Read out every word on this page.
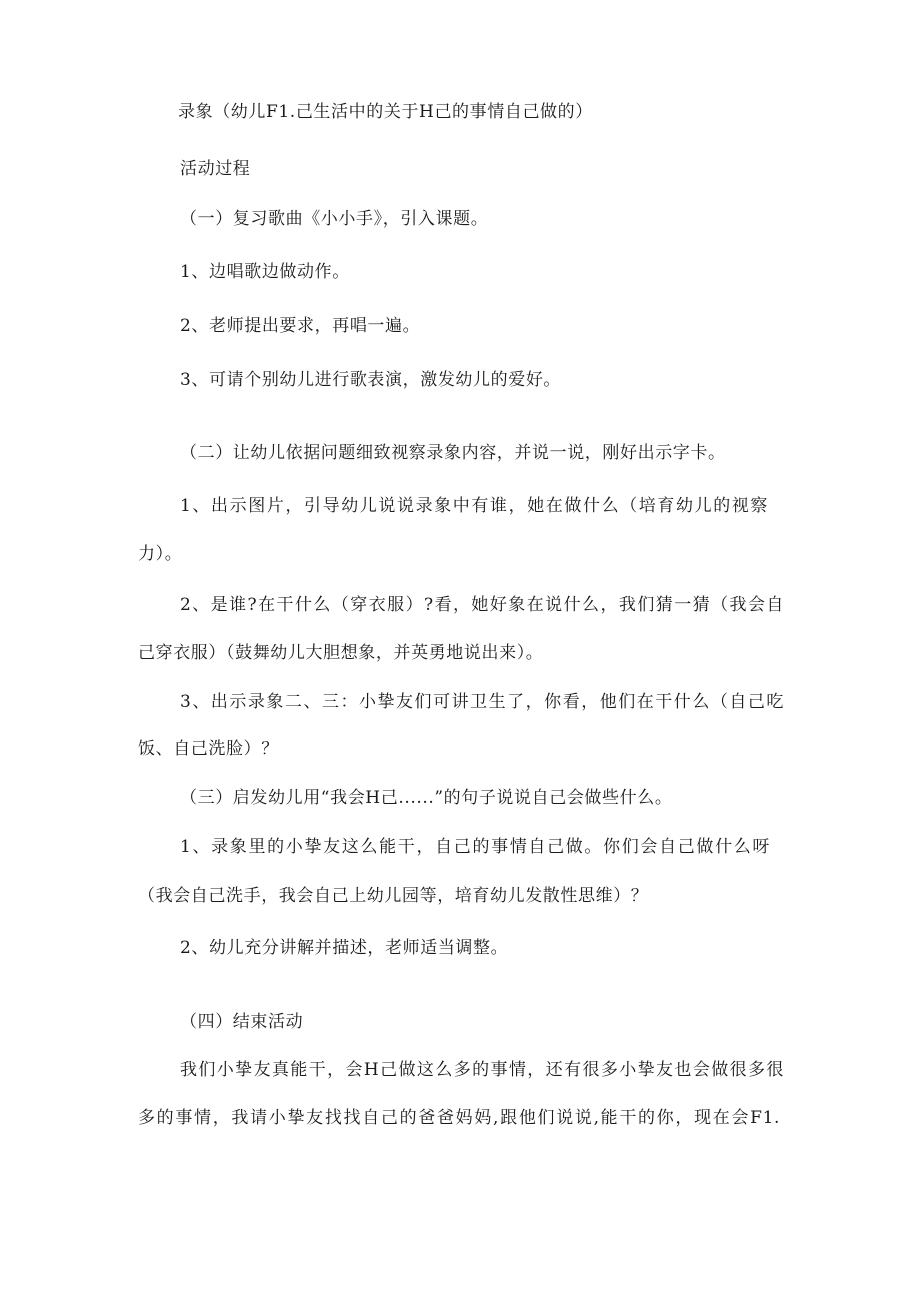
录象（幼儿F1.己生活中的关于H己的事情自己做的）
活动过程
（一）复习歌曲《小小手》，引入课题。
1、边唱歌边做动作。
2、老师提出要求，再唱一遍。
3、可请个别幼儿进行歌表演，激发幼儿的爱好。
（二）让幼儿依据问题细致视察录象内容，并说一说，刚好出示字卡。
1、出示图片，引导幼儿说说录象中有谁，她在做什么（培育幼儿的视察
力）。
2、是谁?在干什么（穿衣服）?看，她好象在说什么，我们猜一猜（我会自
己穿衣服）（鼓舞幼儿大胆想象，并英勇地说出来）。
3、出示录象二、三：小挚友们可讲卫生了，你看，他们在干什么（自己吃
饭、自己洗脸）？
（三）启发幼儿用“我会H己......”的句子说说自己会做些什么。
1、录象里的小挚友这么能干，自己的事情自己做。你们会自己做什么呀
（我会自己洗手，我会自己上幼儿园等，培育幼儿发散性思维）？
2、幼儿充分讲解并描述，老师适当调整。
（四）结束活动
我们小挚友真能干，会H己做这么多的事情，还有很多小挚友也会做很多很
多的事情，我请小挚友找找自己的爸爸妈妈,跟他们说说,能干的你，现在会F1.
